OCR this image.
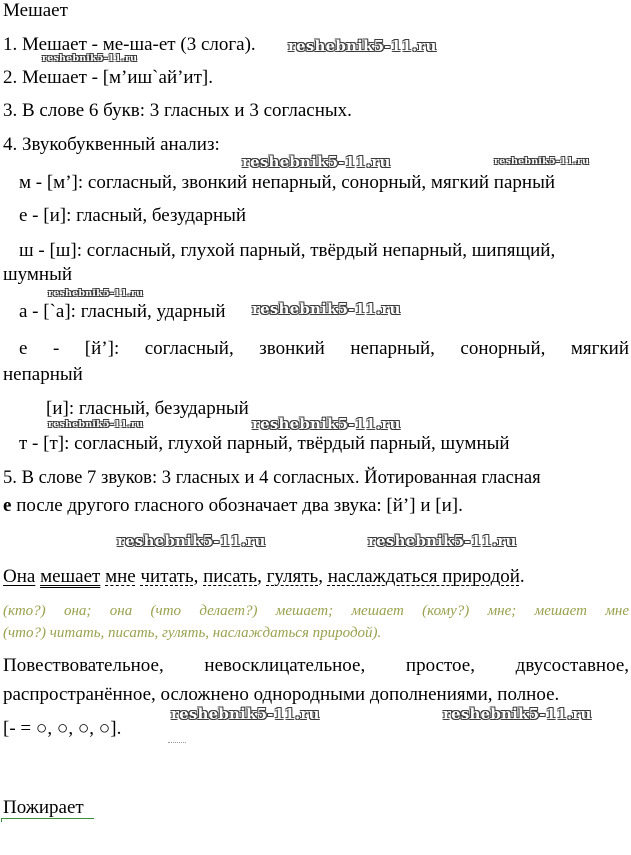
Мешает
1. Мешает - ме-ша-ет (3 слога). reshebnik5-11.ru
reshebnik5-11.ru
2. Мешает - [м’иш`ай’ит].
3. В слове 6 букв: 3 гласных и 3 согласных.
4. Звукобуквенный анализ:
reshebnik5-11.ru	reshebnik5-11.ru
м - [м’]: согласный, звонкий непарный, сонорный, мягкий парный
е - [и]: гласный, безударный
ш - [ш]: согласный, глухой парный, твёрдый непарный, шипящий,
шумный
reshebnik5-11.ru
а - [`а]: гласный, ударный reshebnik5-11.ru
е - [й’]: согласный, звонкий непарный, сонорный, мягкий
непарный
[и]: гласный, безударный
reshebnik5-11.ru	reshebnik5-11.ru
т - [т]: согласный, глухой парный, твёрдый парный, шумный
5. В слове 7 звуков: 3 гласных и 4 согласных. Йотированная гласная
е после другого гласного обозначает два звука: [й’] и [и].
reshebnik5-11.ru	reshebnik5-11.ru
Она мешает мне читать, писать, гулять, наслаждаться природой.
(кто?) она; она (что делает?) мешает; мешает (кому?) мне; мешает мне
(что?) читать, писать, гулять, наслаждаться природой).
Повествовательное, невосклицательное, простое, двусоставное,
распространённое, осложнено однородными дополнениями, полное.
reshebnik5-11.ru	reshebnik5-11.ru
[- = ○, ○, ○, ○].
Пожирает
